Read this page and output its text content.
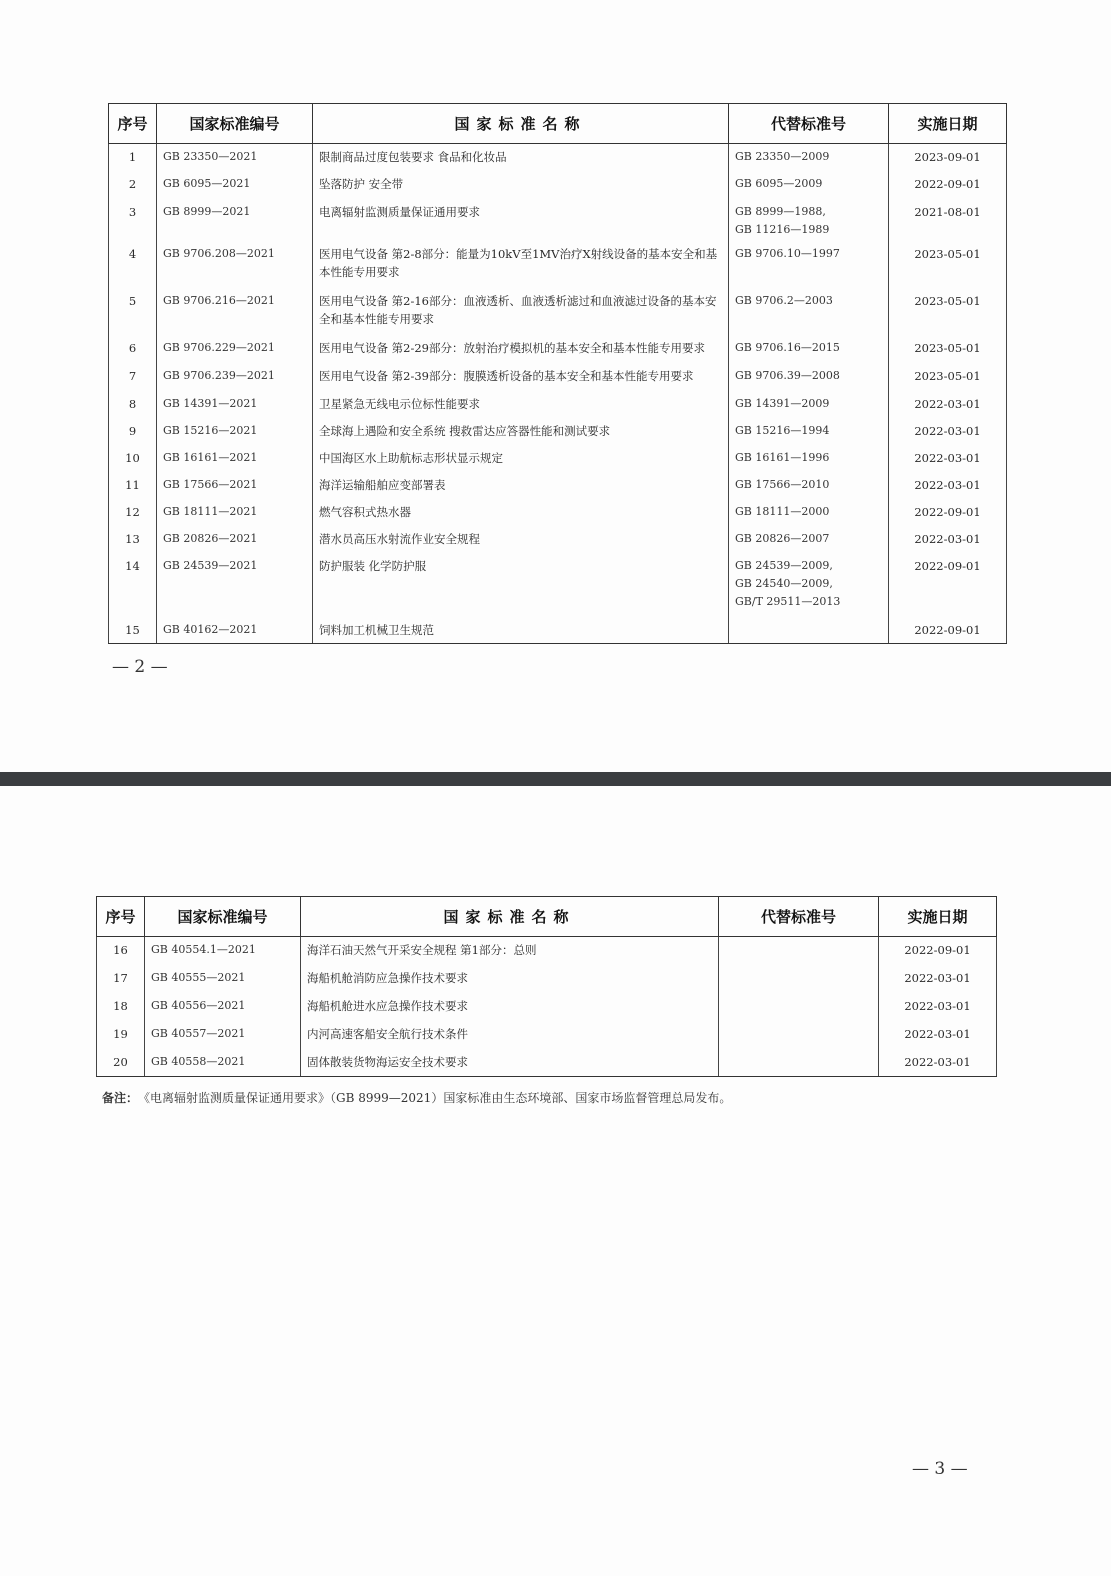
序号	国家标准编号	国家标准名称	代替标准号	实施日期
1	GB 23350—2021	限制商品过度包装要求 食品和化妆品	GB 23350—2009	2023-09-01
2	GB 6095—2021	坠落防护 安全带	GB 6095—2009	2022-09-01
3	GB 8999—2021	电离辐射监测质量保证通用要求	GB 8999—1988,
GB 11216—1989	2021-08-01
4	GB 9706.208—2021	医用电气设备 第2-8部分：能量为10kV至1MV治疗X射线设备的基本安全和基本性能专用要求	GB 9706.10—1997	2023-05-01
5	GB 9706.216—2021	医用电气设备 第2-16部分：血液透析、血液透析滤过和血液滤过设备的基本安全和基本性能专用要求	GB 9706.2—2003	2023-05-01
6	GB 9706.229—2021	医用电气设备 第2-29部分：放射治疗模拟机的基本安全和基本性能专用要求	GB 9706.16—2015	2023-05-01
7	GB 9706.239—2021	医用电气设备 第2-39部分：腹膜透析设备的基本安全和基本性能专用要求	GB 9706.39—2008	2023-05-01
8	GB 14391—2021	卫星紧急无线电示位标性能要求	GB 14391—2009	2022-03-01
9	GB 15216—2021	全球海上遇险和安全系统 搜救雷达应答器性能和测试要求	GB 15216—1994	2022-03-01
10	GB 16161—2021	中国海区水上助航标志形状显示规定	GB 16161—1996	2022-03-01
11	GB 17566—2021	海洋运输船舶应变部署表	GB 17566—2010	2022-03-01
12	GB 18111—2021	燃气容积式热水器	GB 18111—2000	2022-09-01
13	GB 20826—2021	潜水员高压水射流作业安全规程	GB 20826—2007	2022-03-01
14	GB 24539—2021	防护服装 化学防护服	GB 24539—2009,
GB 24540—2009,
GB/T 29511—2013	2022-09-01
15	GB 40162—2021	饲料加工机械卫生规范		2022-09-01
— 2 —
序号	国家标准编号	国家标准名称	代替标准号	实施日期
16	GB 40554.1—2021	海洋石油天然气开采安全规程 第1部分：总则		2022-09-01
17	GB 40555—2021	海船机舱消防应急操作技术要求		2022-03-01
18	GB 40556—2021	海船机舱进水应急操作技术要求		2022-03-01
19	GB 40557—2021	内河高速客船安全航行技术条件		2022-03-01
20	GB 40558—2021	固体散装货物海运安全技术要求		2022-03-01
备注： 《电离辐射监测质量保证通用要求》（GB 8999—2021）国家标准由生态环境部、国家市场监督管理总局发布。
— 3 —
